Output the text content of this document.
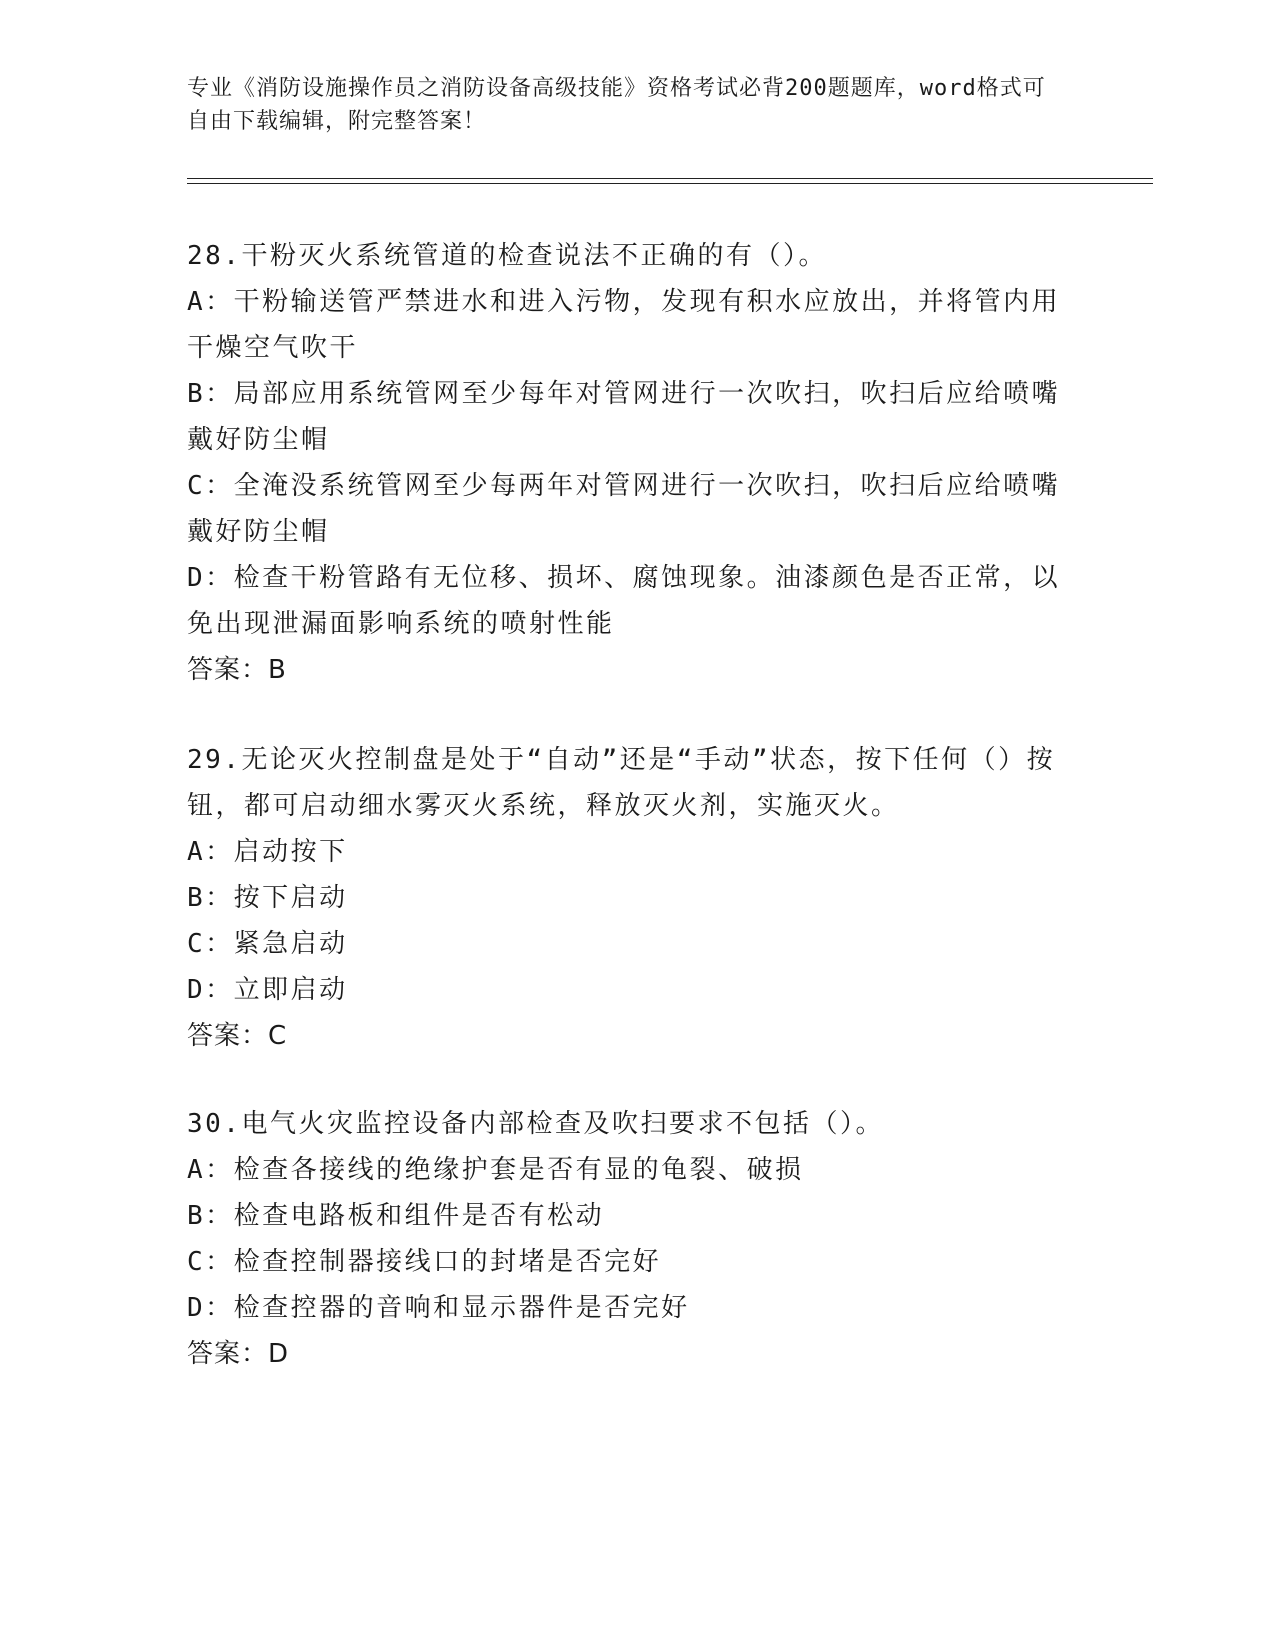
专业《消防设施操作员之消防设备高级技能》资格考试必背200题题库，word格式可自由下载编辑，附完整答案！
28.干粉灭火系统管道的检查说法不正确的有（）。
A：干粉输送管严禁进水和进入污物，发现有积水应放出，并将管内用干燥空气吹干
B：局部应用系统管网至少每年对管网进行一次吹扫，吹扫后应给喷嘴戴好防尘帽
C：全淹没系统管网至少每两年对管网进行一次吹扫，吹扫后应给喷嘴戴好防尘帽
D：检查干粉管路有无位移、损坏、腐蚀现象。油漆颜色是否正常，以免出现泄漏面影响系统的喷射性能
答案：B
29.无论灭火控制盘是处于“自动”还是“手动”状态，按下任何（）按钮，都可启动细水雾灭火系统，释放灭火剂，实施灭火。
A：启动按下
B：按下启动
C：紧急启动
D：立即启动
答案：C
30.电气火灾监控设备内部检查及吹扫要求不包括（）。
A：检查各接线的绝缘护套是否有显的龟裂、破损
B：检查电路板和组件是否有松动
C：检查控制器接线口的封堵是否完好
D：检查控器的音响和显示器件是否完好
答案：D
